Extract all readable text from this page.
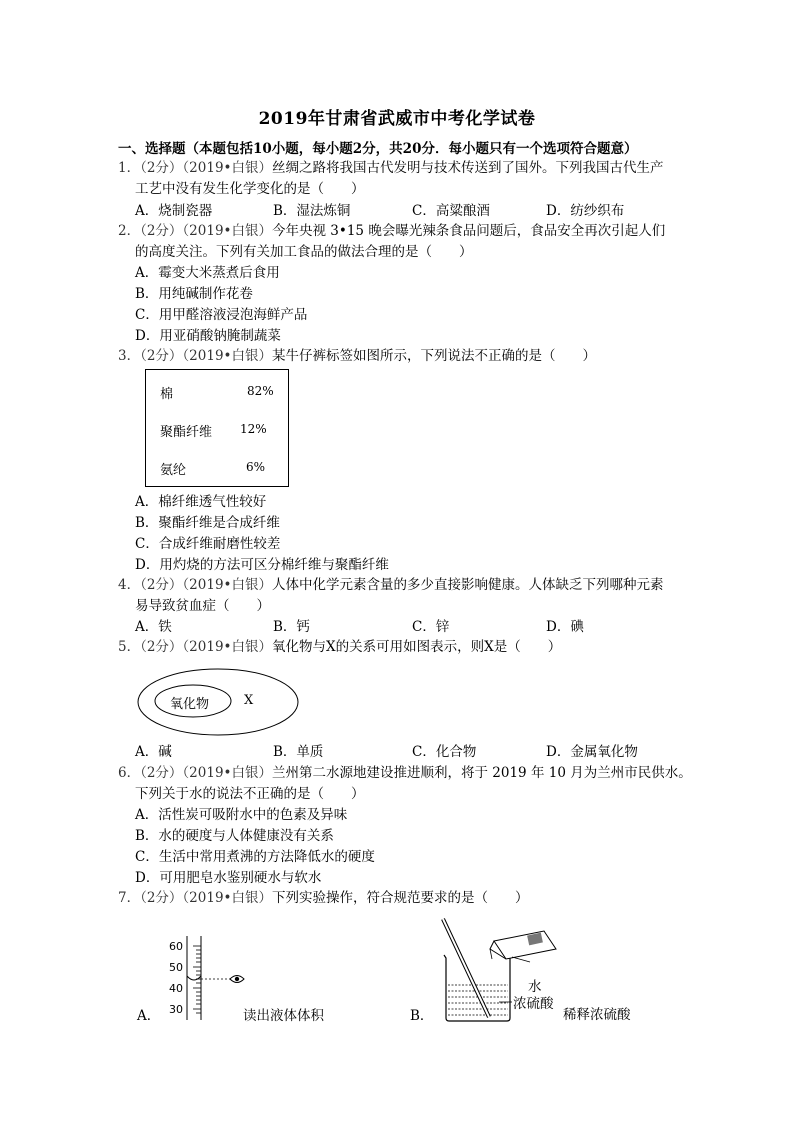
2019年甘肃省武威市中考化学试卷
一、选择题（本题包括10小题，每小题2分，共20分．每小题只有一个选项符合题意）
1．（2分）（2019•白银）丝绸之路将我国古代发明与技术传送到了国外。下列我国古代生产
工艺中没有发生化学变化的是（　　）
A．烧制瓷器	B．湿法炼铜	C．高粱酿酒	D．纺纱织布
2．（2分）（2019•白银）今年央视 3•15 晚会曝光辣条食品问题后，食品安全再次引起人们
的高度关注。下列有关加工食品的做法合理的是（　　）
A．霉变大米蒸煮后食用
B．用纯碱制作花卷
C．用甲醛溶液浸泡海鲜产品
D．用亚硝酸钠腌制蔬菜
3．（2分）（2019•白银）某牛仔裤标签如图所示，下列说法不正确的是（　　）
棉	82%
聚酯纤维 12%
氨纶	6%
A．棉纤维透气性较好
B．聚酯纤维是合成纤维
C．合成纤维耐磨性较差
D．用灼烧的方法可区分棉纤维与聚酯纤维
4．（2分）（2019•白银）人体中化学元素含量的多少直接影响健康。人体缺乏下列哪种元素
易导致贫血症（　　）
A．铁	B．钙	C．锌	D．碘
5．（2分）（2019•白银）氧化物与X的关系可用如图表示，则X是（　　）
氧化物	X
A．碱	B．单质	C．化合物	D．金属氧化物
6．（2分）（2019•白银）兰州第二水源地建设推进顺利，将于 2019 年 10 月为兰州市民供水。
下列关于水的说法不正确的是（　　）
A．活性炭可吸附水中的色素及异味
B．水的硬度与人体健康没有关系
C．生活中常用煮沸的方法降低水的硬度
D．可用肥皂水鉴别硬水与软水
7．（2分）（2019•白银）下列实验操作，符合规范要求的是（　　）
A．
60
50
40
30	读出液体体积	B．
水
浓硫酸
稀释浓硫酸
